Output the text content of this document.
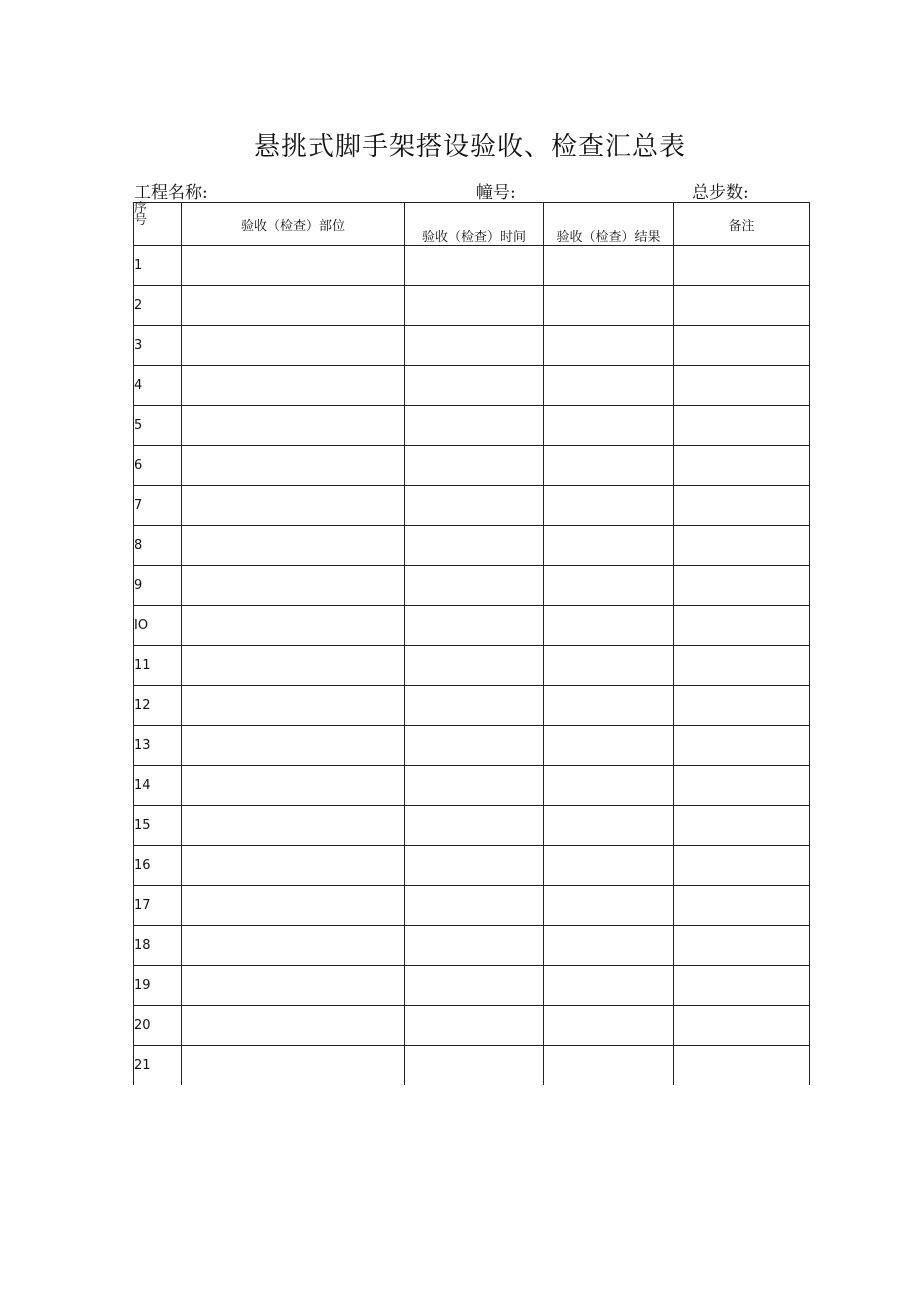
悬挑式脚手架搭设验收、检查汇总表
工程名称:	幢号:	总步数:
序号	验收（检查）部位	验收（检查）时间	验收（检查）结果	备注
1				
2				
3				
4				
5				
6				
7				
8				
9				
IO				
11				
12				
13				
14				
15				
16				
17				
18				
19				
20				
21				
